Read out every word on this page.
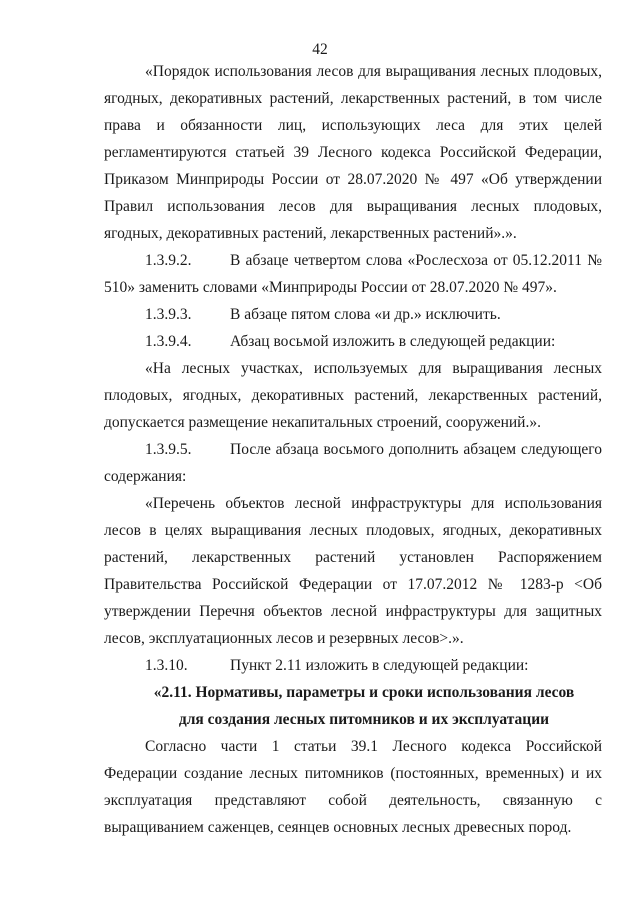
42

«Порядок использования лесов для выращивания лесных плодовых, ягодных, декоративных растений, лекарственных растений, в том числе права и обязанности лиц, использующих леса для этих целей регламентируются статьей 39 Лесного кодекса Российской Федерации, Приказом Минприроды России от 28.07.2020 № 497 «Об утверждении Правил использования лесов для выращивания лесных плодовых, ягодных, декоративных растений, лекарственных растений».».

1.3.9.2. В абзаце четвертом слова «Рослесхоза от 05.12.2011 № 510» заменить словами «Минприроды России от 28.07.2020 № 497».

1.3.9.3. В абзаце пятом слова «и др.» исключить.

1.3.9.4. Абзац восьмой изложить в следующей редакции:

«На лесных участках, используемых для выращивания лесных плодовых, ягодных, декоративных растений, лекарственных растений, допускается размещение некапитальных строений, сооружений.».

1.3.9.5. После абзаца восьмого дополнить абзацем следующего содержания:

«Перечень объектов лесной инфраструктуры для использования лесов в целях выращивания лесных плодовых, ягодных, декоративных растений, лекарственных растений установлен Распоряжением Правительства Российской Федерации от 17.07.2012 № 1283-р <Об утверждении Перечня объектов лесной инфраструктуры для защитных лесов, эксплуатационных лесов и резервных лесов>.».

1.3.10.	Пункт 2.11 изложить в следующей редакции:

«2.11. Нормативы, параметры и сроки использования лесов

для создания лесных питомников и их эксплуатации

Согласно части 1 статьи 39.1 Лесного кодекса Российской Федерации создание лесных питомников (постоянных, временных) и их эксплуатация представляют собой деятельность, связанную с выращиванием саженцев, сеянцев основных лесных древесных пород.
